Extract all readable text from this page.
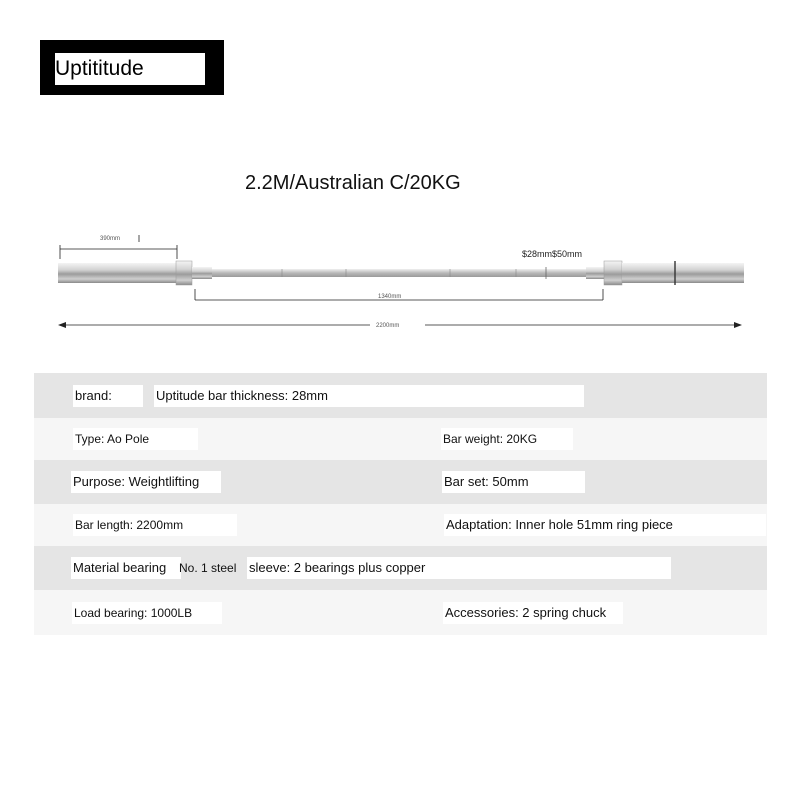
Uptititude
2.2M/Australian C/20KG
390mm
$28mm$50mm
1340mm
2200mm
brand:	Uptitude bar thickness: 28mm
Type: Ao Pole	Bar weight: 20KG
Purpose: Weightlifting	Bar set: 50mm
Bar length: 2200mm	Adaptation: Inner hole 51mm ring piece
Material bearing	No. 1 steel sleeve: 2 bearings plus copper
Load bearing: 1000LB	Accessories: 2 spring chuck
